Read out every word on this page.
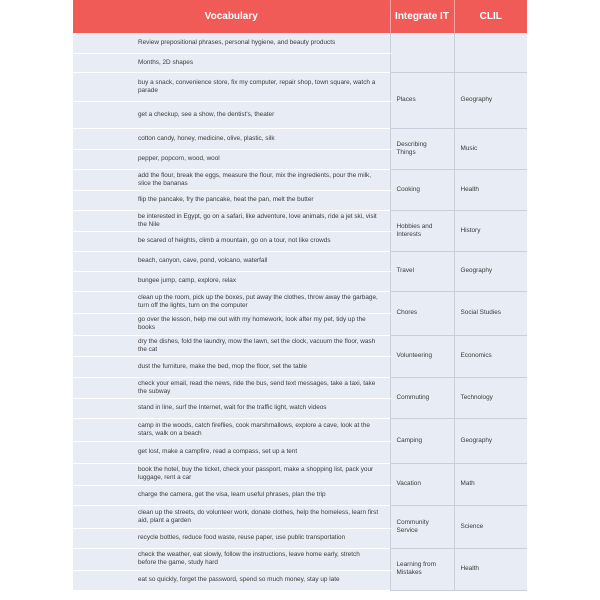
Vocabulary	Integrate IT	CLIL
Review prepositional phrases, personal hygiene, and beauty products		
Months, 2D shapes		
buy a snack, convenience store, fix my computer, repair shop, town square, watch a parade	Places	Geography
get a checkup, see a show, the dentist's, theater		
cotton candy, honey, medicine, olive, plastic, silk	Describing Things	Music
pepper, popcorn, wood, wool		
add the flour, break the eggs, measure the flour, mix the ingredients, pour the milk, slice the bananas	Cooking	Health
flip the pancake, fry the pancake, heat the pan, melt the butter		
be interested in Egypt, go on a safari, like adventure, love animals, ride a jet ski, visit the Nile	Hobbies and Interests	History
be scared of heights, climb a mountain, go on a tour, not like crowds		
beach, canyon, cave, pond, volcano, waterfall	Travel	Geography
bungee jump, camp, explore, relax		
clean up the room, pick up the boxes, put away the clothes, throw away the garbage, turn off the lights, turn on the computer	Chores	Social Studies
go over the lesson, help me out with my homework, look after my pet, tidy up the books		
dry the dishes, fold the laundry, mow the lawn, set the clock, vacuum the floor, wash the cat	Volunteering	Economics
dust the furniture, make the bed, mop the floor, set the table		
check your email, read the news, ride the bus, send text messages, take a taxi, take the subway	Commuting	Technology
stand in line, surf the Internet, wait for the traffic light, watch videos		
camp in the woods, catch fireflies, cook marshmallows, explore a cave, look at the stars, walk on a beach	Camping	Geography
get lost, make a campfire, read a compass, set up a tent		
book the hotel, buy the ticket, check your passport, make a shopping list, pack your luggage, rent a car	Vacation	Math
charge the camera, get the visa, learn useful phrases, plan the trip		
clean up the streets, do volunteer work, donate clothes, help the homeless, learn first aid, plant a garden	Community Service	Science
recycle bottles, reduce food waste, reuse paper, use public transportation		
check the weather, eat slowly, follow the instructions, leave home early, stretch before the game, study hard	Learning from Mistakes	Health
eat so quickly, forget the password, spend so much money, stay up late		
